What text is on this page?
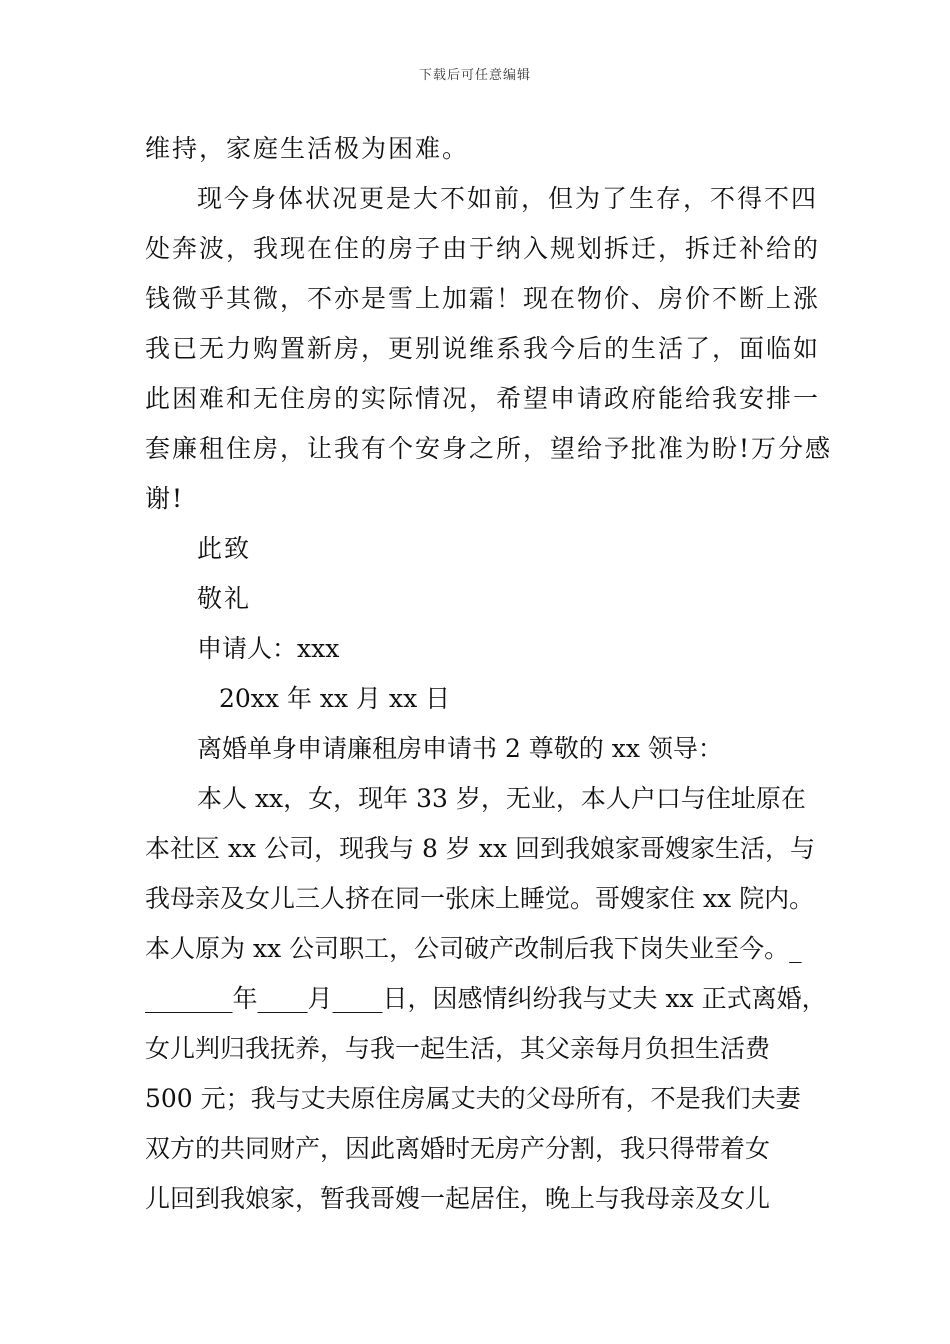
下载后可任意编辑
维持，家庭生活极为困难。
现今身体状况更是大不如前，但为了生存，不得不四
处奔波，我现在住的房子由于纳入规划拆迁，拆迁补给的
钱微乎其微，不亦是雪上加霜！现在物价、房价不断上涨
我已无力购置新房，更别说维系我今后的生活了，面临如
此困难和无住房的实际情况，希望申请政府能给我安排一
套廉租住房，让我有个安身之所，望给予批准为盼!万分感
谢!
此致
敬礼
申请人：xxx
20xx 年 xx 月 xx 日
离婚单身申请廉租房申请书 2 尊敬的 xx 领导：
本人 xx，女，现年 33 岁，无业，本人户口与住址原在
本社区 xx 公司，现我与 8 岁 xx 回到我娘家哥嫂家生活，与
我母亲及女儿三人挤在同一张床上睡觉。哥嫂家住 xx 院内。
本人原为 xx 公司职工，公司破产改制后我下岗失业至今。_
_______年____月____日，因感情纠纷我与丈夫 xx 正式离婚，
女儿判归我抚养，与我一起生活，其父亲每月负担生活费
500 元；我与丈夫原住房属丈夫的父母所有，不是我们夫妻
双方的共同财产，因此离婚时无房产分割，我只得带着女
儿回到我娘家，暂我哥嫂一起居住，晚上与我母亲及女儿
